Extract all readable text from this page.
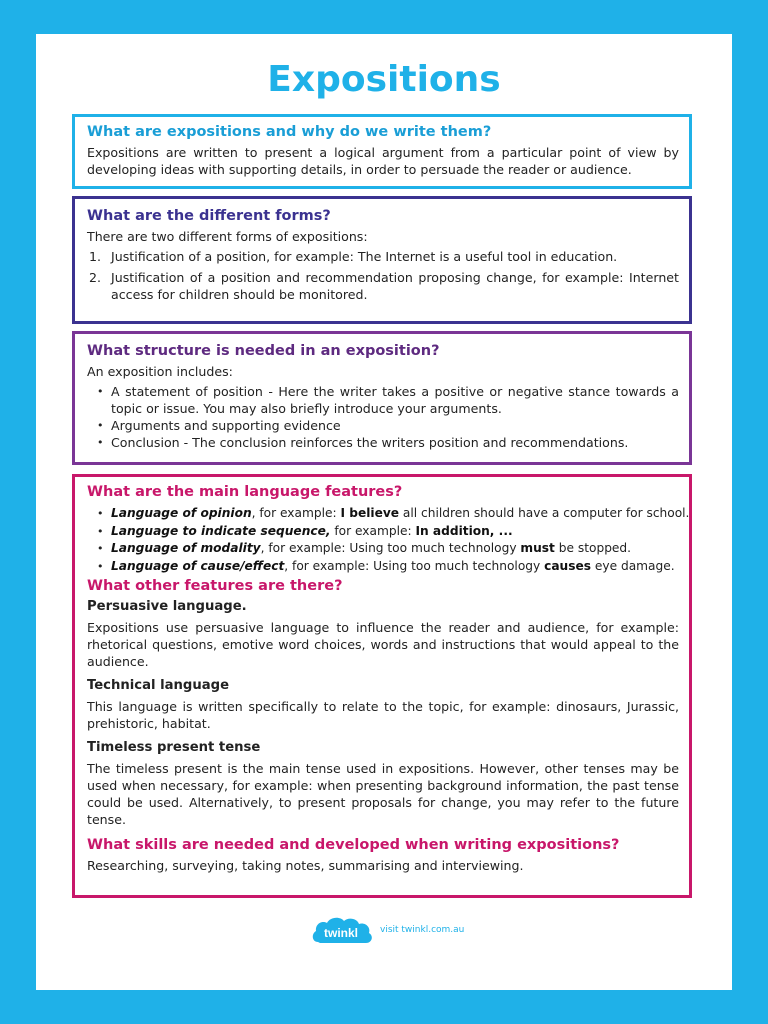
Expositions
What are expositions and why do we write them?

Expositions are written to present a logical argument from a particular point of view by developing ideas with supporting details, in order to persuade the reader or audience.

What are the different forms?

There are two different forms of expositions:

1. Justification of a position, for example: The Internet is a useful tool in education.
2. Justification of a position and recommendation proposing change, for example: Internet access for children should be monitored.
What structure is needed in an exposition?

An exposition includes:

• A statement of position - Here the writer takes a positive or negative stance towards a topic or issue. You may also briefly introduce your arguments.
• Arguments and supporting evidence
• Conclusion - The conclusion reinforces the writers position and recommendations.
What are the main language features?
• Language of opinion, for example: I believe all children should have a computer for school.
• Language to indicate sequence, for example: In addition, ...
• Language of modality, for example: Using too much technology must be stopped.
• Language of cause/effect, for example: Using too much technology causes eye damage.
What other features are there?
Persuasive language.

Expositions use persuasive language to influence the reader and audience, for example: rhetorical questions, emotive word choices, words and instructions that would appeal to the audience.

Technical language

This language is written specifically to relate to the topic, for example: dinosaurs, Jurassic, prehistoric, habitat.

Timeless present tense

The timeless present is the main tense used in expositions. However, other tenses may be used when necessary, for example: when presenting background information, the past tense could be used. Alternatively, to present proposals for change, you may refer to the future tense.

What skills are needed and developed when writing expositions?

Researching, surveying, taking notes, summarising and interviewing.

twinkl visit twinkl.com.au
